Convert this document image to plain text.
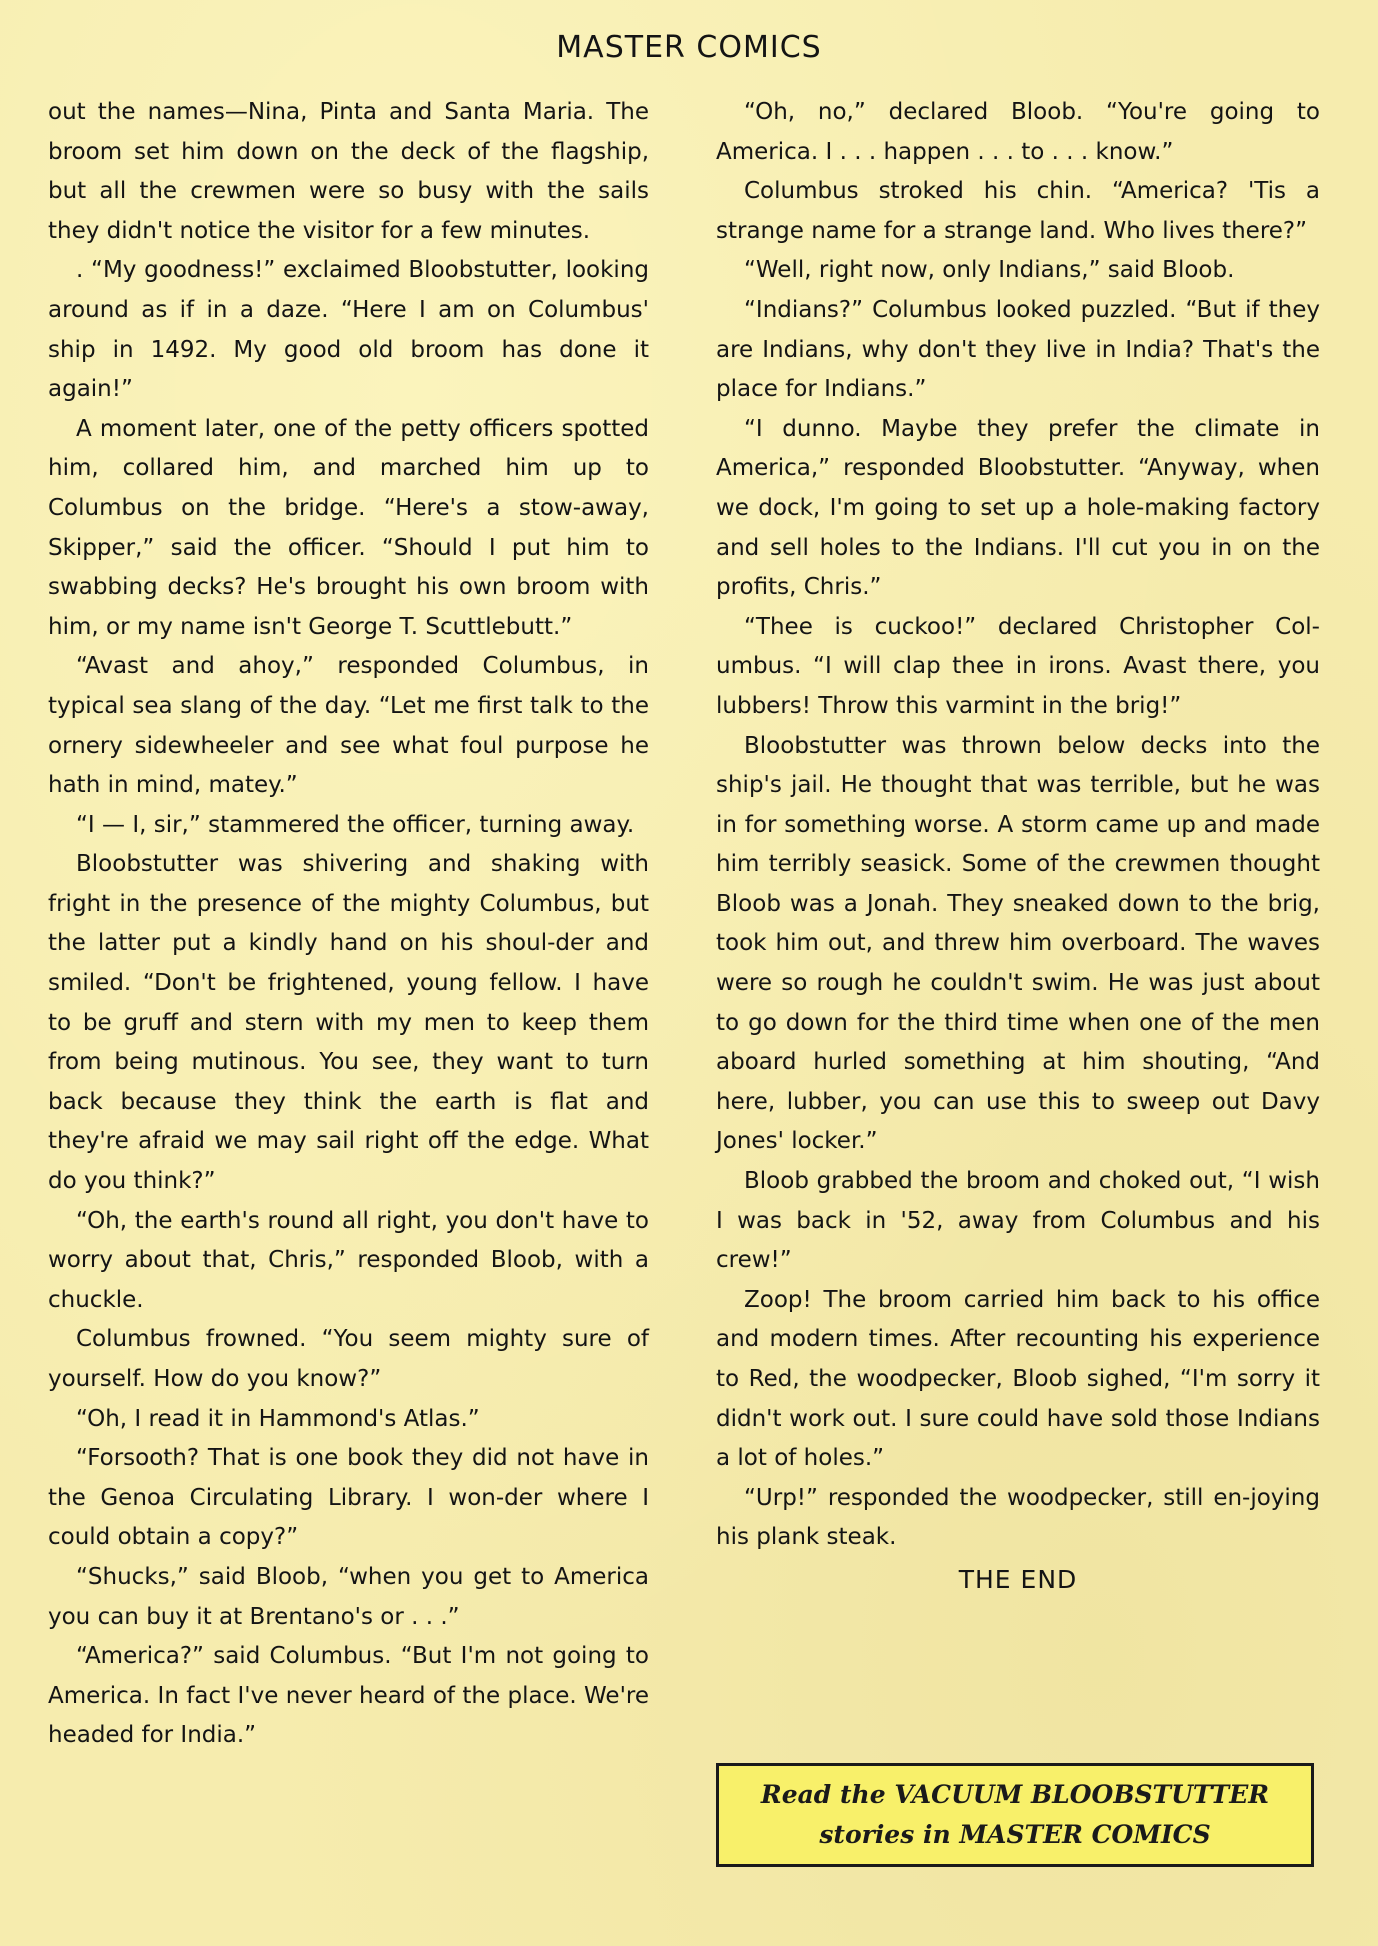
MASTER COMICS

out the names—Nina, Pinta and Santa Maria. The broom set him down on the deck of the flagship, but all the crewmen were so busy with the sails they didn't notice the visitor for a few minutes.

. “My goodness!” exclaimed Bloobstutter, looking around as if in a daze. “Here I am on Columbus' ship in 1492. My good old broom has done it again!”

A moment later, one of the petty officers spotted him, collared him, and marched him up to Columbus on the bridge. “Here's a stow-away, Skipper,” said the officer. “Should I put him to swabbing decks? He's brought his own broom with him, or my name isn't George T. Scuttlebutt.”

“Avast and ahoy,” responded Columbus, in typical sea slang of the day. “Let me first talk to the ornery sidewheeler and see what foul purpose he hath in mind, matey.”

“I — I, sir,” stammered the officer, turning away.

Bloobstutter was shivering and shaking with fright in the presence of the mighty Columbus, but the latter put a kindly hand on his shoul-der and smiled. “Don't be frightened, young fellow. I have to be gruff and stern with my men to keep them from being mutinous. You see, they want to turn back because they think the earth is flat and they're afraid we may sail right off the edge. What do you think?”

“Oh, the earth's round all right, you don't have to worry about that, Chris,” responded Bloob, with a chuckle.

Columbus frowned. “You seem mighty sure of yourself. How do you know?”

“Oh, I read it in Hammond's Atlas.”

“Forsooth? That is one book they did not have in the Genoa Circulating Library. I won-der where I could obtain a copy?”

“Shucks,” said Bloob, “when you get to America you can buy it at Brentano's or . . .”

“America?” said Columbus. “But I'm not going to America. In fact I've never heard of the place. We're headed for India.”

“Oh, no,” declared Bloob. “You're going to America. I . . . happen . . . to . . . know.”

Columbus stroked his chin. “America? 'Tis a strange name for a strange land. Who lives there?”

“Well, right now, only Indians,” said Bloob.

“Indians?” Columbus looked puzzled. “But if they are Indians, why don't they live in India? That's the place for Indians.”

“I dunno. Maybe they prefer the climate in America,” responded Bloobstutter. “Anyway, when we dock, I'm going to set up a hole-making factory and sell holes to the Indians. I'll cut you in on the profits, Chris.”

“Thee is cuckoo!” declared Christopher Col-umbus. “I will clap thee in irons. Avast there, you lubbers! Throw this varmint in the brig!”

Bloobstutter was thrown below decks into the ship's jail. He thought that was terrible, but he was in for something worse. A storm came up and made him terribly seasick. Some of the crewmen thought Bloob was a Jonah. They sneaked down to the brig, took him out, and threw him overboard. The waves were so rough he couldn't swim. He was just about to go down for the third time when one of the men aboard hurled something at him shouting, “And here, lubber, you can use this to sweep out Davy Jones' locker.”

Bloob grabbed the broom and choked out, “I wish I was back in '52, away from Columbus and his crew!”

Zoop! The broom carried him back to his office and modern times. After recounting his experience to Red, the woodpecker, Bloob sighed, “I'm sorry it didn't work out. I sure could have sold those Indians a lot of holes.”

“Urp!” responded the woodpecker, still en-joying his plank steak.

THE END

Read the VACUUM BLOOBSTUTTER
stories in MASTER COMICS
